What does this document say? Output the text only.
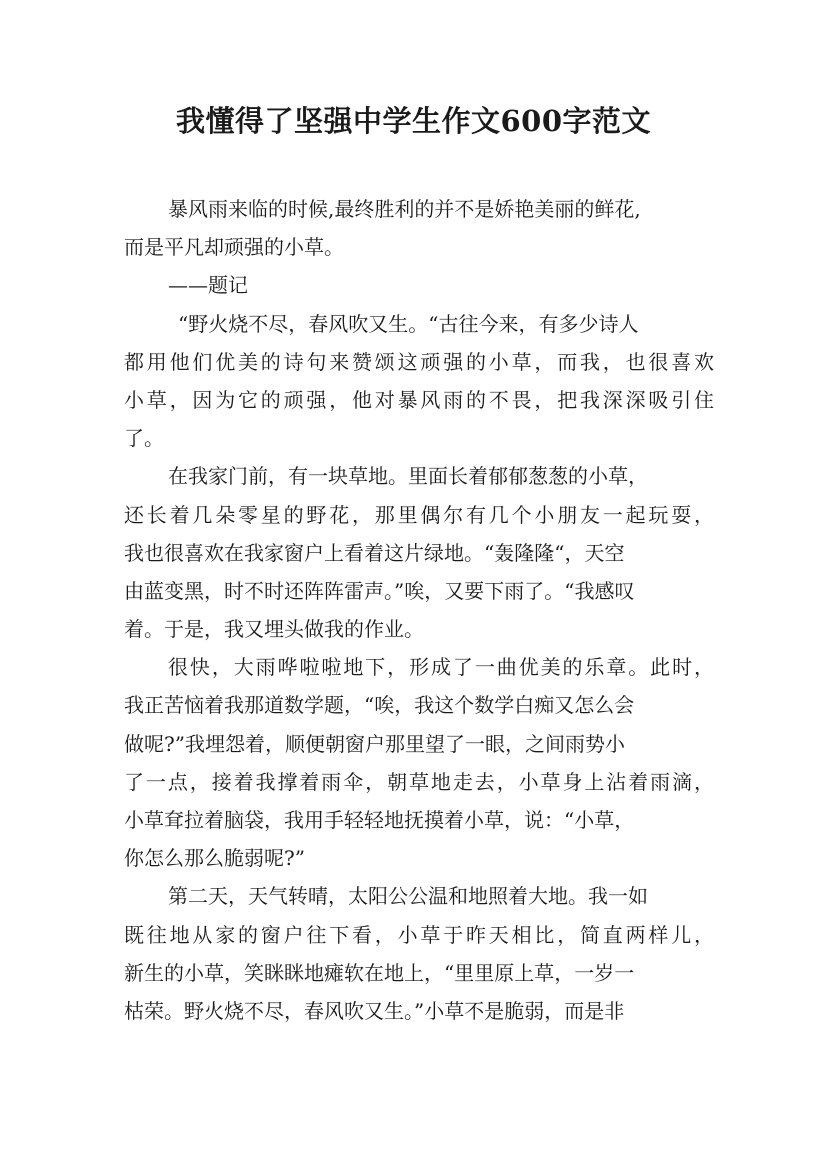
我懂得了坚强中学生作文600字范文
暴风雨来临的时候,最终胜利的并不是娇艳美丽的鲜花,
而是平凡却顽强的小草。
——题记
“野火烧不尽，春风吹又生。“古往今来，有多少诗人
都用他们优美的诗句来赞颂这顽强的小草，而我，也很喜欢
小草，因为它的顽强，他对暴风雨的不畏，把我深深吸引住
了。
在我家门前，有一块草地。里面长着郁郁葱葱的小草，
还长着几朵零星的野花，那里偶尔有几个小朋友一起玩耍，
我也很喜欢在我家窗户上看着这片绿地。“轰隆隆“，天空
由蓝变黑，时不时还阵阵雷声。”唉，又要下雨了。“我感叹
着。于是，我又埋头做我的作业。
很快，大雨哗啦啦地下，形成了一曲优美的乐章。此时，
我正苦恼着我那道数学题，“唉，我这个数学白痴又怎么会
做呢?”我埋怨着，顺便朝窗户那里望了一眼，之间雨势小
了一点，接着我撑着雨伞，朝草地走去，小草身上沾着雨滴，
小草耷拉着脑袋，我用手轻轻地抚摸着小草，说：“小草，
你怎么那么脆弱呢?”
第二天，天气转晴，太阳公公温和地照着大地。我一如
既往地从家的窗户往下看，小草于昨天相比，简直两样儿，
新生的小草，笑眯眯地瘫软在地上，“里里原上草，一岁一
枯荣。野火烧不尽，春风吹又生。”小草不是脆弱，而是非
